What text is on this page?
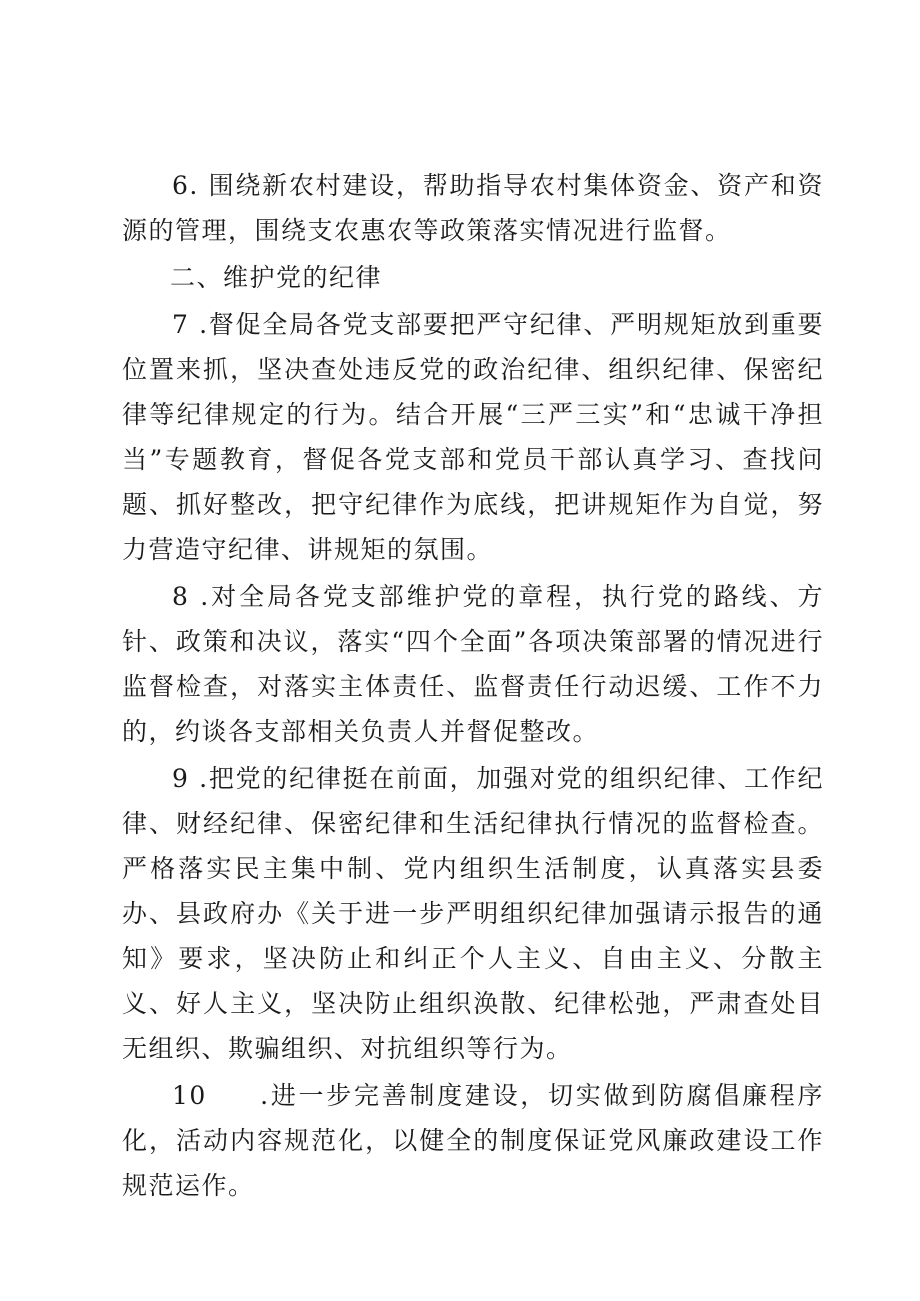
6. 围绕新农村建设，帮助指导农村集体资金、资产和资源的管理，围绕支农惠农等政策落实情况进行监督。

二、维护党的纪律

7 .督促全局各党支部要把严守纪律、严明规矩放到重要位置来抓，坚决查处违反党的政治纪律、组织纪律、保密纪律等纪律规定的行为。结合开展“三严三实”和“忠诚干净担当”专题教育，督促各党支部和党员干部认真学习、查找问题、抓好整改，把守纪律作为底线，把讲规矩作为自觉，努力营造守纪律、讲规矩的氛围。

8 .对全局各党支部维护党的章程，执行党的路线、方针、政策和决议，落实“四个全面”各项决策部署的情况进行监督检查，对落实主体责任、监督责任行动迟缓、工作不力的，约谈各支部相关负责人并督促整改。

9 .把党的纪律挺在前面，加强对党的组织纪律、工作纪律、财经纪律、保密纪律和生活纪律执行情况的监督检查。严格落实民主集中制、党内组织生活制度，认真落实县委办、县政府办《关于进一步严明组织纪律加强请示报告的通知》要求，坚决防止和纠正个人主义、自由主义、分散主义、好人主义，坚决防止组织涣散、纪律松弛，严肃查处目无组织、欺骗组织、对抗组织等行为。

10     .进一步完善制度建设，切实做到防腐倡廉程序化，活动内容规范化，以健全的制度保证党风廉政建设工作规范运作。
